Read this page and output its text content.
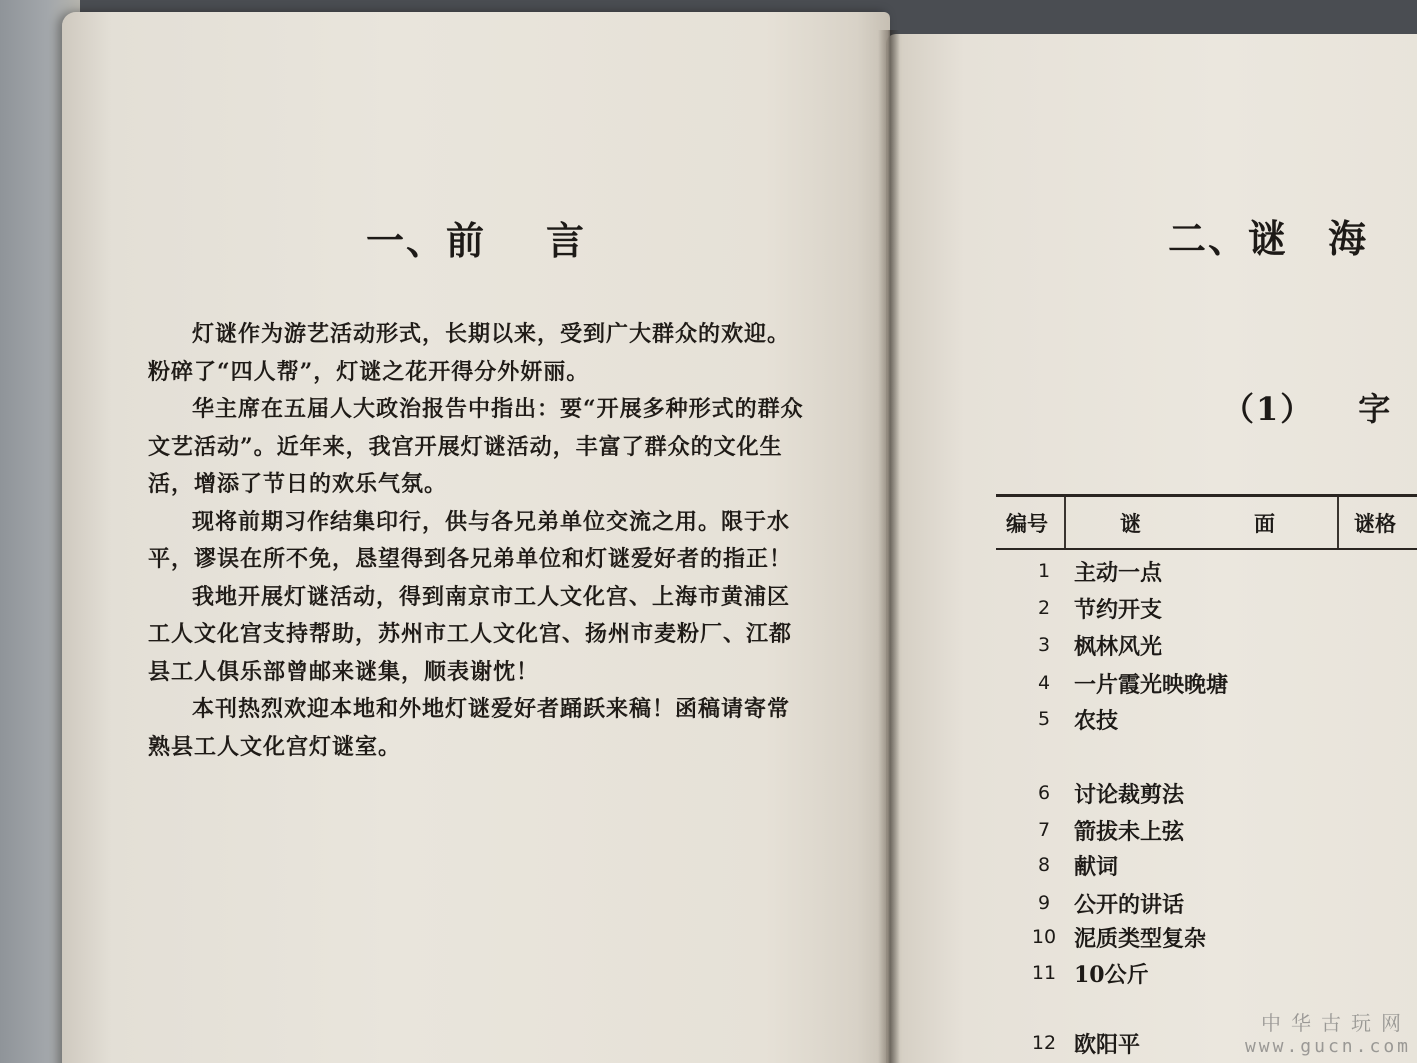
一、前 言

灯谜作为游艺活动形式，长期以来，受到广大群众的欢迎。粉碎了“四人帮”，灯谜之花开得分外妍丽。

华主席在五届人大政治报告中指出：要“开展多种形式的群众文艺活动”。近年来，我宫开展灯谜活动，丰富了群众的文化生活，增添了节日的欢乐气氛。

现将前期习作结集印行，供与各兄弟单位交流之用。限于水平，谬误在所不免，恳望得到各兄弟单位和灯谜爱好者的指正！

我地开展灯谜活动，得到南京市工人文化宫、上海市黄浦区工人文化宫支持帮助，苏州市工人文化宫、扬州市麦粉厂、江都县工人俱乐部曾邮来谜集，顺表谢忱！

本刊热烈欢迎本地和外地灯谜爱好者踊跃来稿！函稿请寄常熟县工人文化宫灯谜室。

二、谜 海
（1） 字
编号	谜	面	谜格
1	主动一点
2	节约开支
3	枫林风光
4	一片霞光映晚塘
5	农技
6	讨论裁剪法
7	箭拔未上弦
8	献词
9	公开的讲话
10 泥质类型复杂
11 10公斤
12 欧阳平
中华古玩网
www.gucn.com
